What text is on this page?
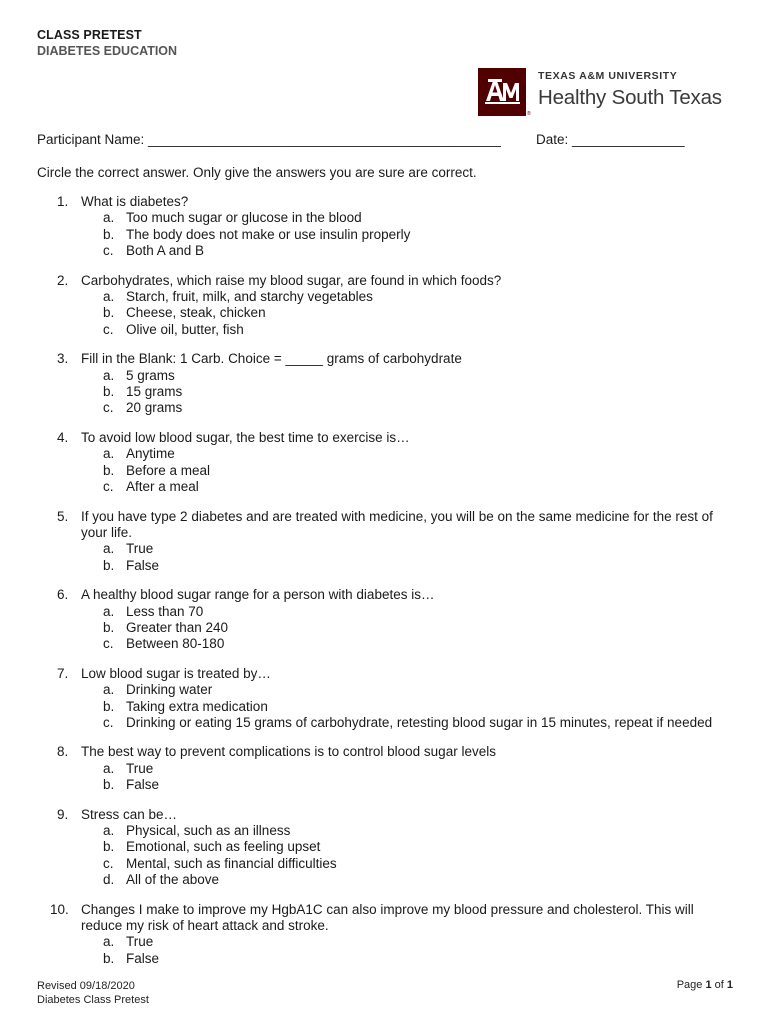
CLASS PRETEST
DIABETES EDUCATION
®
TEXAS A&M UNIVERSITY
Healthy South Texas
Participant Name: _______________________________________________	Date: _______________
Circle the correct answer. Only give the answers you are sure are correct.
1. What is diabetes?
a. Too much sugar or glucose in the blood
b. The body does not make or use insulin properly
c. Both A and B
2. Carbohydrates, which raise my blood sugar, are found in which foods?
a. Starch, fruit, milk, and starchy vegetables
b. Cheese, steak, chicken
c. Olive oil, butter, fish
3. Fill in the Blank: 1 Carb. Choice = _____ grams of carbohydrate
a. 5 grams
b. 15 grams
c. 20 grams
4. To avoid low blood sugar, the best time to exercise is…
a. Anytime
b. Before a meal
c. After a meal
5. If you have type 2 diabetes and are treated with medicine, you will be on the same medicine for the rest of your life.
a. True
b. False
6. A healthy blood sugar range for a person with diabetes is…
a. Less than 70
b. Greater than 240
c. Between 80-180
7. Low blood sugar is treated by…
a. Drinking water
b. Taking extra medication
c. Drinking or eating 15 grams of carbohydrate, retesting blood sugar in 15 minutes, repeat if needed
8. The best way to prevent complications is to control blood sugar levels
a. True
b. False
9. Stress can be…
a. Physical, such as an illness
b. Emotional, such as feeling upset
c. Mental, such as financial difficulties
d. All of the above
10. Changes I make to improve my HgbA1C can also improve my blood pressure and cholesterol. This will reduce my risk of heart attack and stroke.
a. True
b. False
Revised 09/18/2020
Diabetes Class Pretest
Page 1 of 1
